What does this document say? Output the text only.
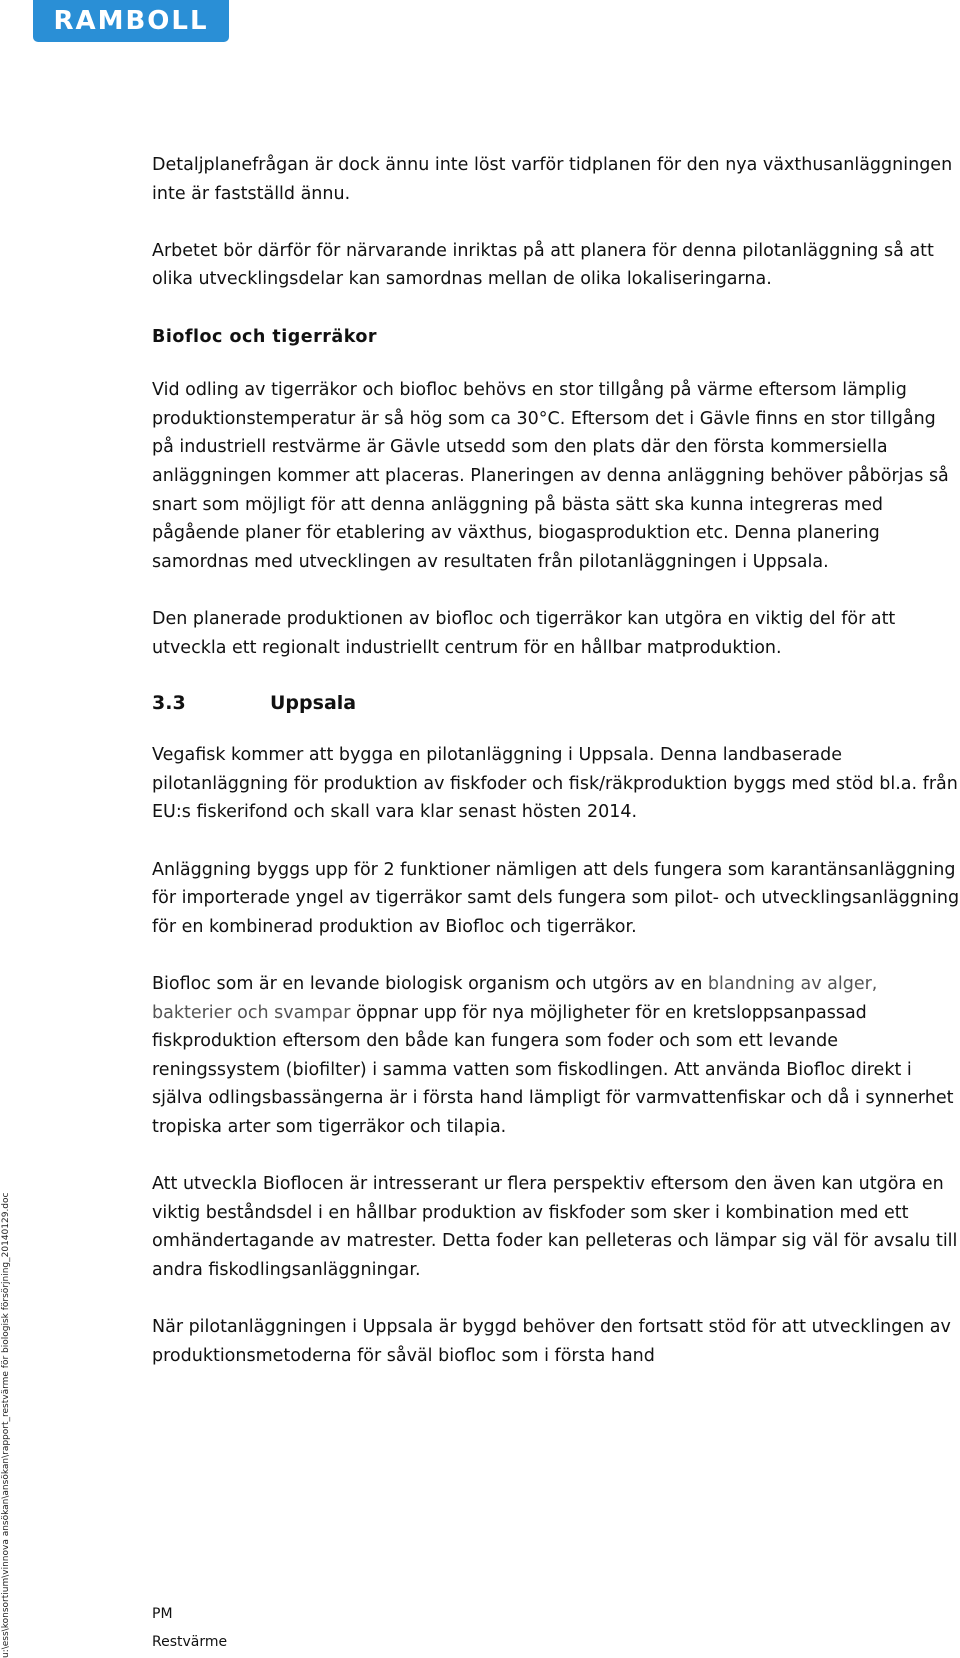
RAMBOLL

Detaljplanefrågan är dock ännu inte löst varför tidplanen för den nya växthusanläggningen inte är fastställd ännu.

Arbetet bör därför för närvarande inriktas på att planera för denna pilotanläggning så att olika utvecklingsdelar kan samordnas mellan de olika lokaliseringarna.

Biofloc och tigerräkor

Vid odling av tigerräkor och biofloc behövs en stor tillgång på värme eftersom lämplig produktionstemperatur är så hög som ca 30°C. Eftersom det i Gävle finns en stor tillgång på industriell restvärme är Gävle utsedd som den plats där den första kommersiella anläggningen kommer att placeras. Planeringen av denna anläggning behöver påbörjas så snart som möjligt för att denna anläggning på bästa sätt ska kunna integreras med pågående planer för etablering av växthus, biogasproduktion etc. Denna planering samordnas med utvecklingen av resultaten från pilotanläggningen i Uppsala.

Den planerade produktionen av biofloc och tigerräkor kan utgöra en viktig del för att utveckla ett regionalt industriellt centrum för en hållbar matproduktion.

3.3	Uppsala

Vegafisk kommer att bygga en pilotanläggning i Uppsala. Denna landbaserade pilotanläggning för produktion av fiskfoder och fisk/räkproduktion byggs med stöd bl.a. från EU:s fiskerifond och skall vara klar senast hösten 2014.

Anläggning byggs upp för 2 funktioner nämligen att dels fungera som karantänsanläggning för importerade yngel av tigerräkor samt dels fungera som pilot- och utvecklingsanläggning för en kombinerad produktion av Biofloc och tigerräkor.

Biofloc som är en levande biologisk organism och utgörs av en blandning av alger, bakterier och svampar öppnar upp för nya möjligheter för en kretsloppsanpassad fiskproduktion eftersom den både kan fungera som foder och som ett levande reningssystem (biofilter) i samma vatten som fiskodlingen. Att använda Biofloc direkt i själva odlingsbassängerna är i första hand lämpligt för varmvattenfiskar och då i synnerhet tropiska arter som tigerräkor och tilapia.

Att utveckla Bioflocen är intresserant ur flera perspektiv eftersom den även kan utgöra en viktig beståndsdel i en hållbar produktion av fiskfoder som sker i kombination med ett omhändertagande av matrester. Detta foder kan pelleteras och lämpar sig väl för avsalu till andra fiskodlingsanläggningar.

När pilotanläggningen i Uppsala är byggd behöver den fortsatt stöd för att utvecklingen av produktionsmetoderna för såväl biofloc som i första hand

PM
Restvärme
u:\ess\konsortium\vinnova ansökan\ansökan\rapport_restvärme för biologisk försörjning_20140129.doc
